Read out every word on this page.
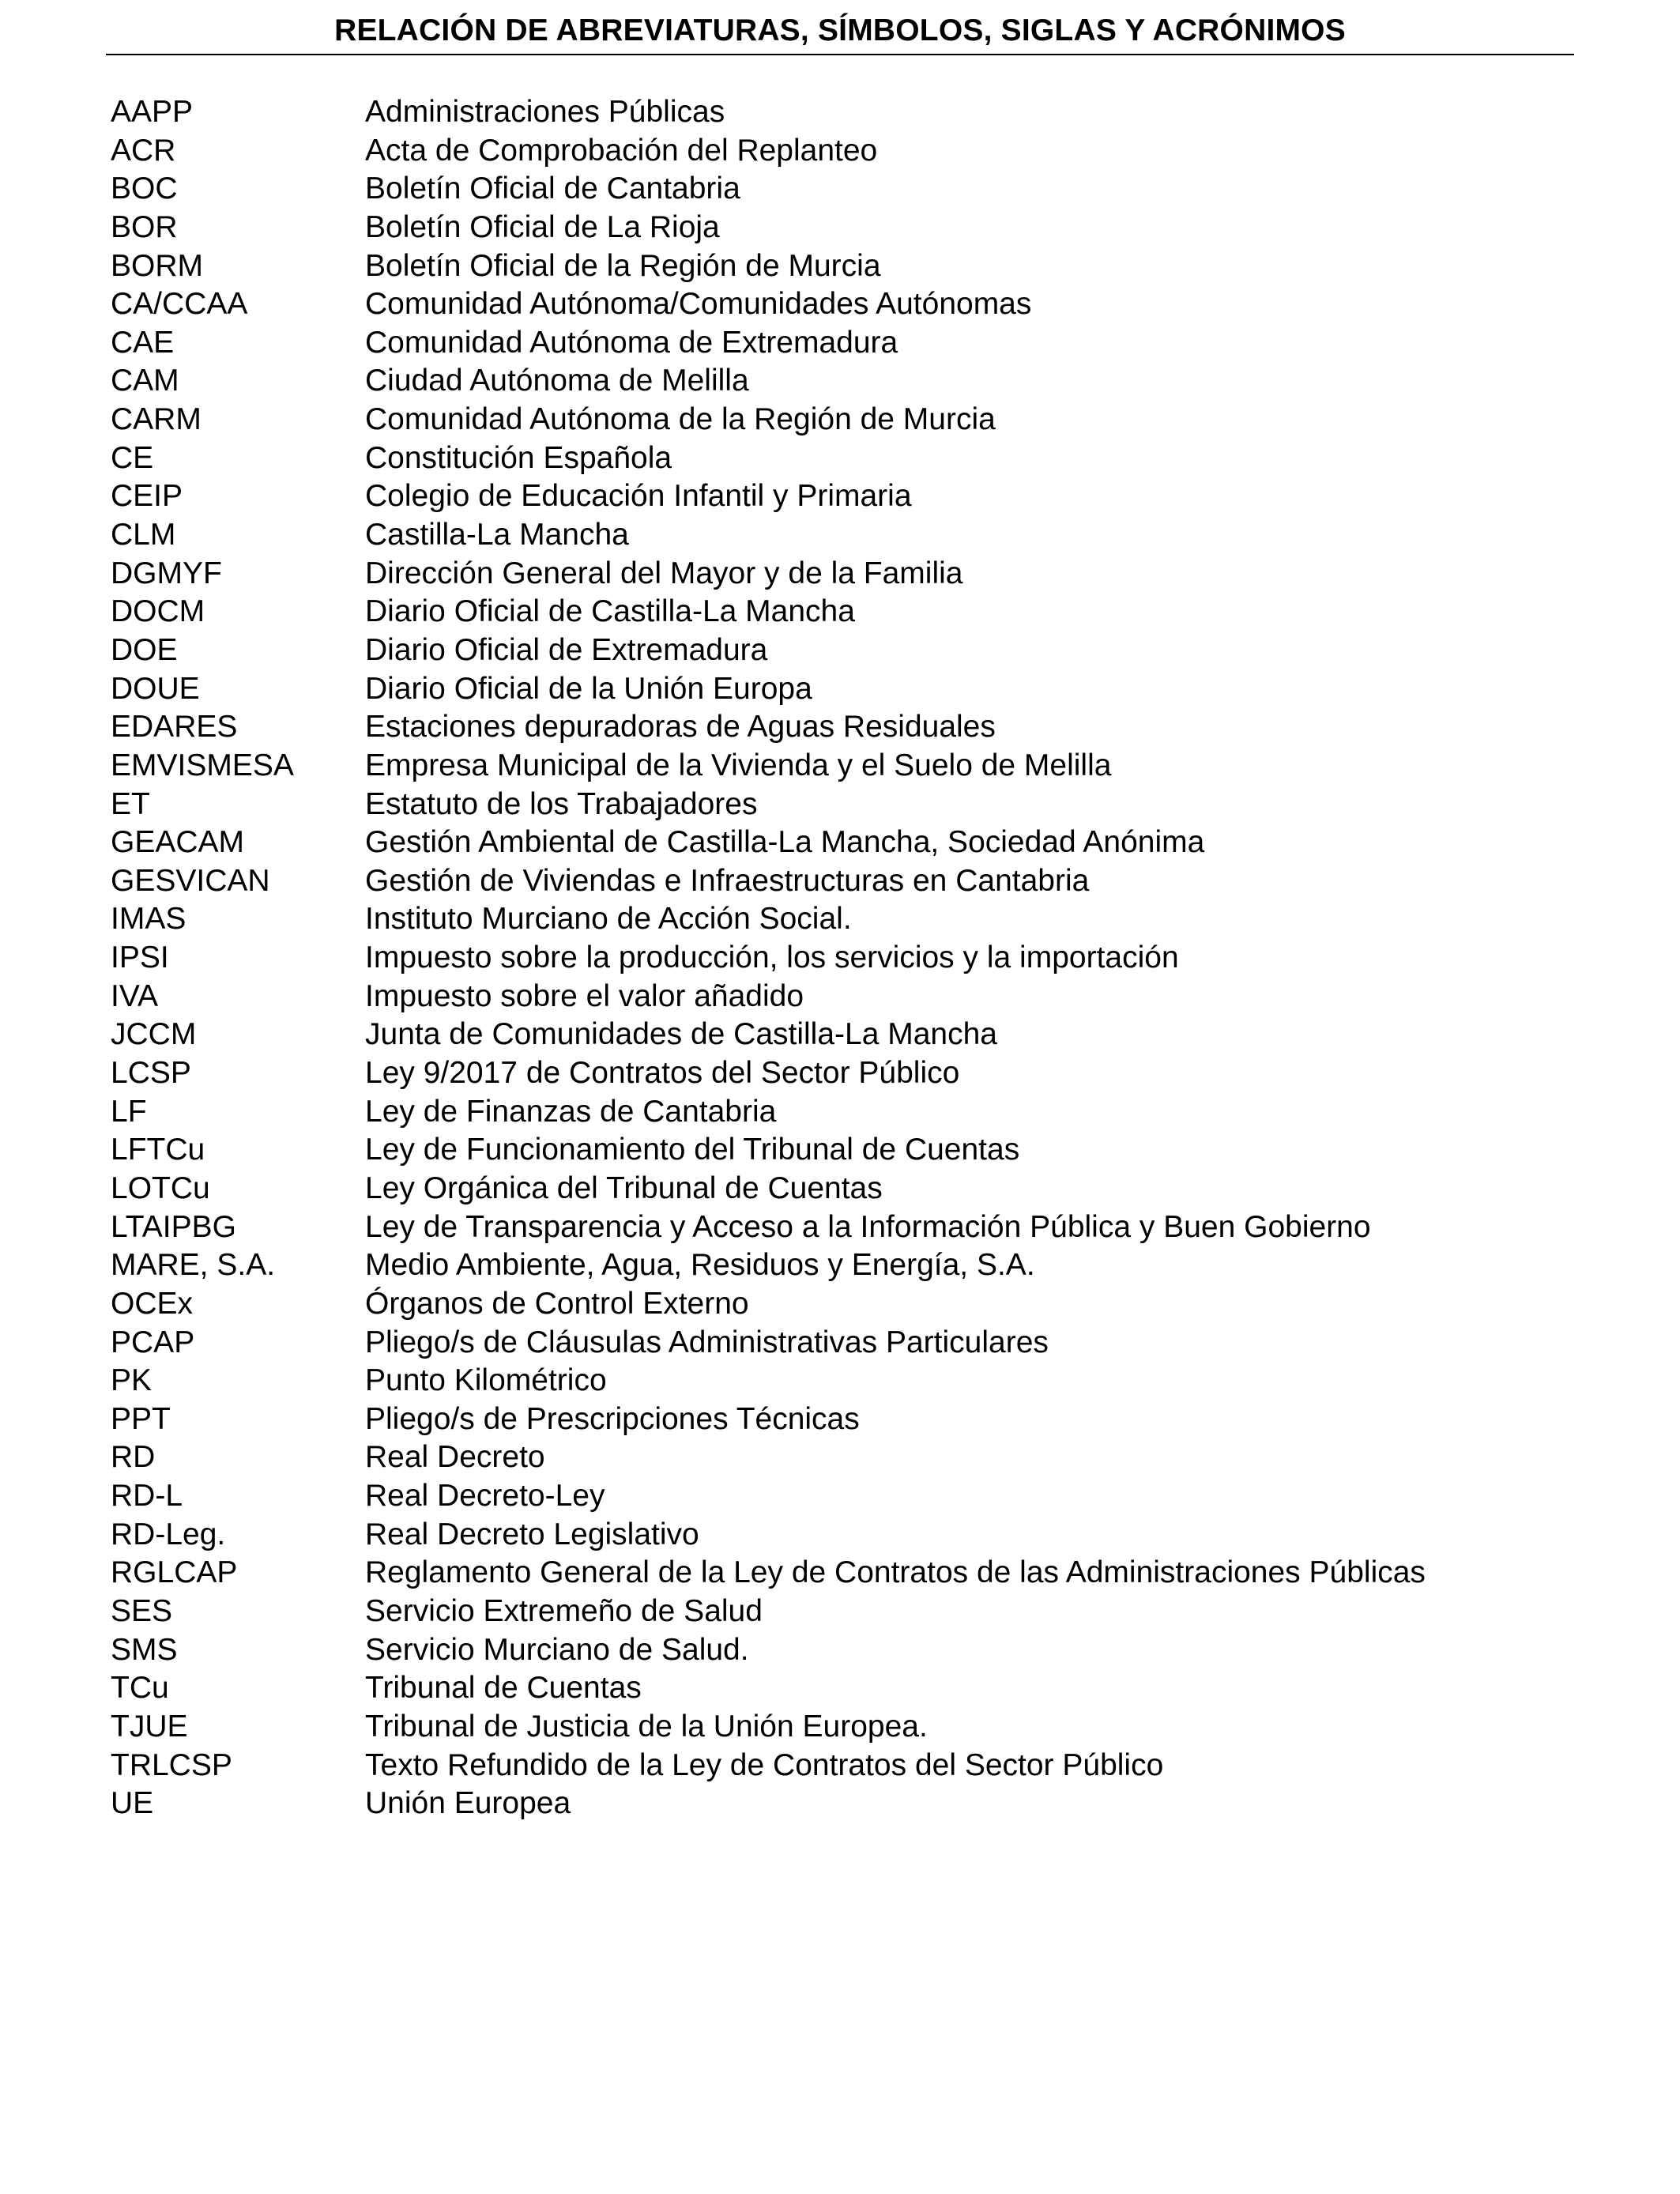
RELACIÓN DE ABREVIATURAS, SÍMBOLOS, SIGLAS Y ACRÓNIMOS
AAPP	Administraciones Públicas
ACR	Acta de Comprobación del Replanteo
BOC	Boletín Oficial de Cantabria
BOR	Boletín Oficial de La Rioja
BORM	Boletín Oficial de la Región de Murcia
CA/CCAA	Comunidad Autónoma/Comunidades Autónomas
CAE	Comunidad Autónoma de Extremadura
CAM	Ciudad Autónoma de Melilla
CARM	Comunidad Autónoma de la Región de Murcia
CE	Constitución Española
CEIP	Colegio de Educación Infantil y Primaria
CLM	Castilla-La Mancha
DGMYF	Dirección General del Mayor y de la Familia
DOCM	Diario Oficial de Castilla-La Mancha
DOE	Diario Oficial de Extremadura
DOUE	Diario Oficial de la Unión Europa
EDARES	Estaciones depuradoras de Aguas Residuales
EMVISMESA	Empresa Municipal de la Vivienda y el Suelo de Melilla
ET	Estatuto de los Trabajadores
GEACAM	Gestión Ambiental de Castilla-La Mancha, Sociedad Anónima
GESVICAN	Gestión de Viviendas e Infraestructuras en Cantabria
IMAS	Instituto Murciano de Acción Social.
IPSI	Impuesto sobre la producción, los servicios y la importación
IVA	Impuesto sobre el valor añadido
JCCM	Junta de Comunidades de Castilla-La Mancha
LCSP	Ley 9/2017 de Contratos del Sector Público
LF	Ley de Finanzas de Cantabria
LFTCu	Ley de Funcionamiento del Tribunal de Cuentas
LOTCu	Ley Orgánica del Tribunal de Cuentas
LTAIPBG	Ley de Transparencia y Acceso a la Información Pública y Buen Gobierno
MARE, S.A.	Medio Ambiente, Agua, Residuos y Energía, S.A.
OCEx	Órganos de Control Externo
PCAP	Pliego/s de Cláusulas Administrativas Particulares
PK	Punto Kilométrico
PPT	Pliego/s de Prescripciones Técnicas
RD	Real Decreto
RD-L	Real Decreto-Ley
RD-Leg.	Real Decreto Legislativo
RGLCAP	Reglamento General de la Ley de Contratos de las Administraciones Públicas
SES	Servicio Extremeño de Salud
SMS	Servicio Murciano de Salud.
TCu	Tribunal de Cuentas
TJUE	Tribunal de Justicia de la Unión Europea.
TRLCSP	Texto Refundido de la Ley de Contratos del Sector Público
UE	Unión Europea
